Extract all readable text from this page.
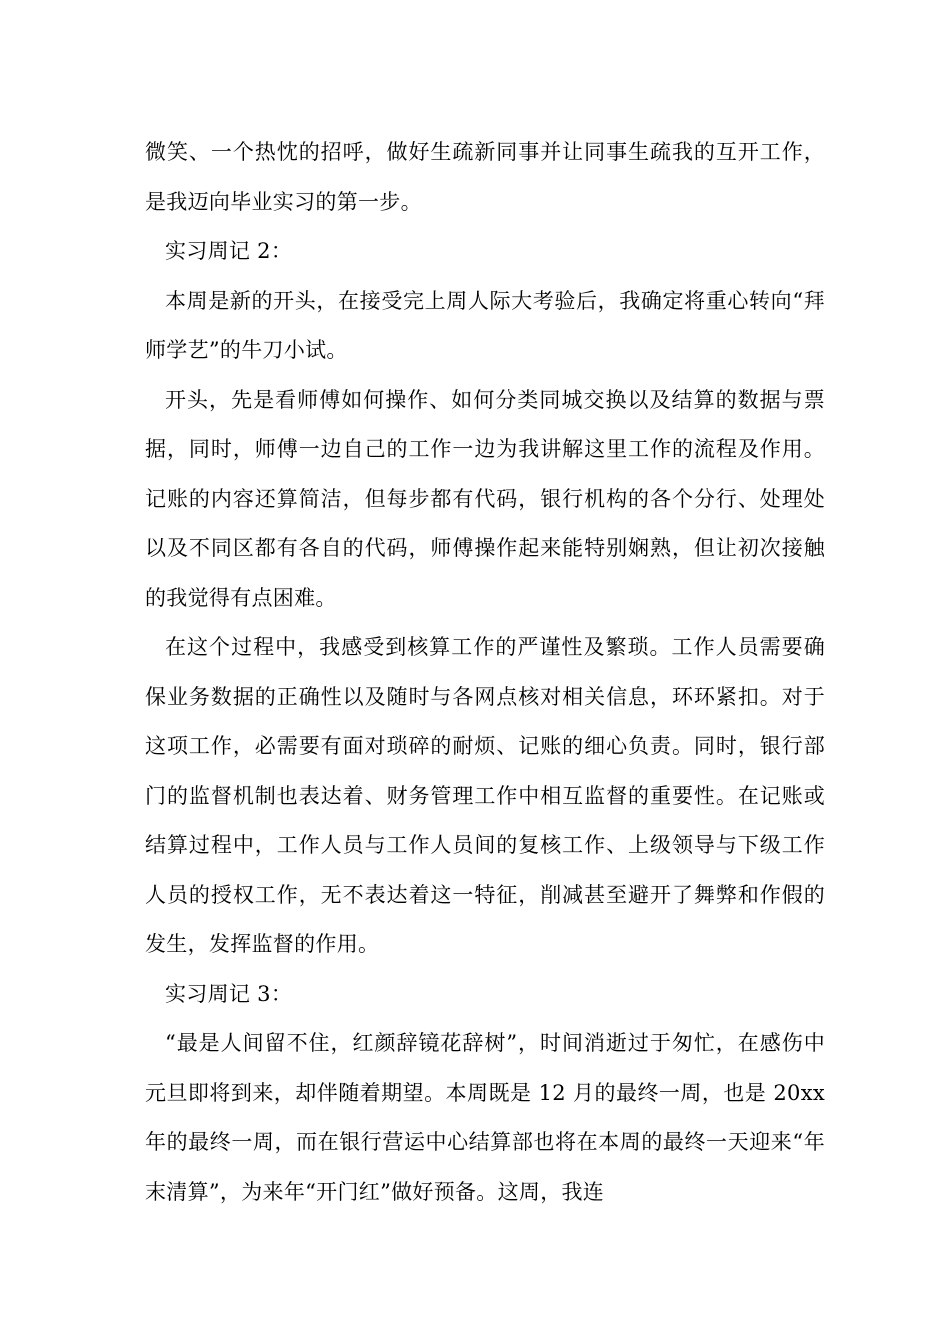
微笑、一个热忱的招呼，做好生疏新同事并让同事生疏我的互开工作，是我迈向毕业实习的第一步。

实习周记 2：

本周是新的开头，在接受完上周人际大考验后，我确定将重心转向“拜师学艺”的牛刀小试。

开头，先是看师傅如何操作、如何分类同城交换以及结算的数据与票据，同时，师傅一边自己的工作一边为我讲解这里工作的流程及作用。记账的内容还算简洁，但每步都有代码，银行机构的各个分行、处理处以及不同区都有各自的代码，师傅操作起来能特别娴熟，但让初次接触的我觉得有点困难。

在这个过程中，我感受到核算工作的严谨性及繁琐。工作人员需要确保业务数据的正确性以及随时与各网点核对相关信息，环环紧扣。对于这项工作，必需要有面对琐碎的耐烦、记账的细心负责。同时，银行部门的监督机制也表达着、财务管理工作中相互监督的重要性。在记账或结算过程中，工作人员与工作人员间的复核工作、上级领导与下级工作人员的授权工作，无不表达着这一特征，削减甚至避开了舞弊和作假的发生，发挥监督的作用。

实习周记 3：

“最是人间留不住，红颜辞镜花辞树”，时间消逝过于匆忙，在感伤中元旦即将到来，却伴随着期望。本周既是 12 月的最终一周，也是 20xx 年的最终一周，而在银行营运中心结算部也将在本周的最终一天迎来“年末清算”，为来年“开门红”做好预备。这周，我连
